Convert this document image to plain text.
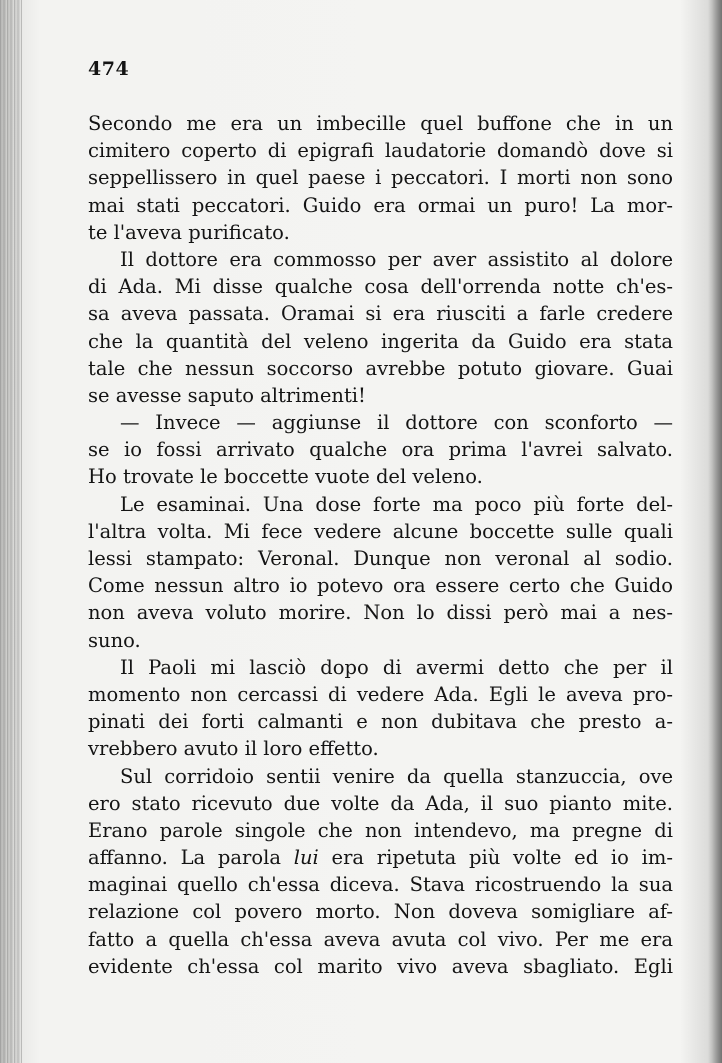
474
Secondo me era un imbecille quel buffone che in un
cimitero coperto di epigrafi laudatorie domandò dove si
seppellissero in quel paese i peccatori. I morti non sono
mai stati peccatori. Guido era ormai un puro! La mor-
te l'aveva purificato.
Il dottore era commosso per aver assistito al dolore
di Ada. Mi disse qualche cosa dell'orrenda notte ch'es-
sa aveva passata. Oramai si era riusciti a farle credere
che la quantità del veleno ingerita da Guido era stata
tale che nessun soccorso avrebbe potuto giovare. Guai
se avesse saputo altrimenti!
— Invece — aggiunse il dottore con sconforto —
se io fossi arrivato qualche ora prima l'avrei salvato.
Ho trovate le boccette vuote del veleno.
Le esaminai. Una dose forte ma poco più forte del-
l'altra volta. Mi fece vedere alcune boccette sulle quali
lessi stampato: Veronal. Dunque non veronal al sodio.
Come nessun altro io potevo ora essere certo che Guido
non aveva voluto morire. Non lo dissi però mai a nes-
suno.
Il Paoli mi lasciò dopo di avermi detto che per il
momento non cercassi di vedere Ada. Egli le aveva pro-
pinati dei forti calmanti e non dubitava che presto a-
vrebbero avuto il loro effetto.
Sul corridoio sentii venire da quella stanzuccia, ove
ero stato ricevuto due volte da Ada, il suo pianto mite.
Erano parole singole che non intendevo, ma pregne di
affanno. La parola lui era ripetuta più volte ed io im-
maginai quello ch'essa diceva. Stava ricostruendo la sua
relazione col povero morto. Non doveva somigliare af-
fatto a quella ch'essa aveva avuta col vivo. Per me era
evidente ch'essa col marito vivo aveva sbagliato. Egli
